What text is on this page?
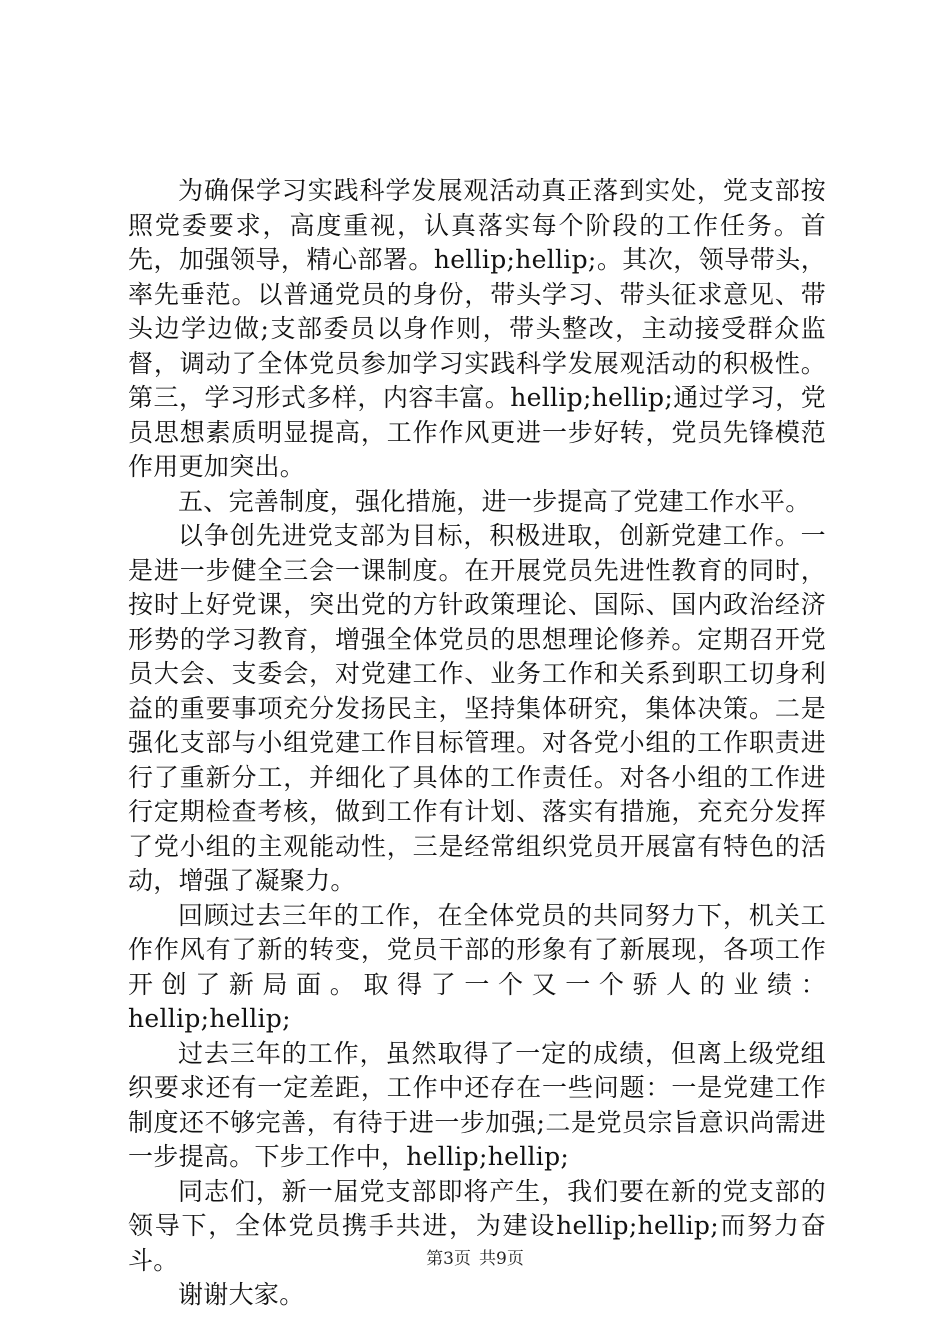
为确保学习实践科学发展观活动真正落到实处，党支部按照党委要求，高度重视，认真落实每个阶段的工作任务。首先，加强领导，精心部署。hellip;hellip;。其次，领导带头，率先垂范。以普通党员的身份，带头学习、带头征求意见、带头边学边做;支部委员以身作则，带头整改，主动接受群众监督，调动了全体党员参加学习实践科学发展观活动的积极性。第三，学习形式多样，内容丰富。hellip;hellip;通过学习，党员思想素质明显提高，工作作风更进一步好转，党员先锋模范作用更加突出。

五、完善制度，强化措施，进一步提高了党建工作水平。

以争创先进党支部为目标，积极进取，创新党建工作。一是进一步健全三会一课制度。在开展党员先进性教育的同时，按时上好党课，突出党的方针政策理论、国际、国内政治经济形势的学习教育，增强全体党员的思想理论修养。定期召开党员大会、支委会，对党建工作、业务工作和关系到职工切身利益的重要事项充分发扬民主，坚持集体研究，集体决策。二是强化支部与小组党建工作目标管理。对各党小组的工作职责进行了重新分工，并细化了具体的工作责任。对各小组的工作进行定期检查考核，做到工作有计划、落实有措施，充充分发挥了党小组的主观能动性，三是经常组织党员开展富有特色的活动，增强了凝聚力。

回顾过去三年的工作，在全体党员的共同努力下，机关工作作风有了新的转变，党员干部的形象有了新展现，各项工作开创了新局面。取得了一个又一个骄人的业绩：

hellip;hellip;

过去三年的工作，虽然取得了一定的成绩，但离上级党组织要求还有一定差距，工作中还存在一些问题：一是党建工作制度还不够完善，有待于进一步加强;二是党员宗旨意识尚需进一步提高。下步工作中，hellip;hellip;

同志们，新一届党支部即将产生，我们要在新的党支部的领导下，全体党员携手共进，为建设hellip;hellip;而努力奋斗。

谢谢大家。

第3页 共9页
